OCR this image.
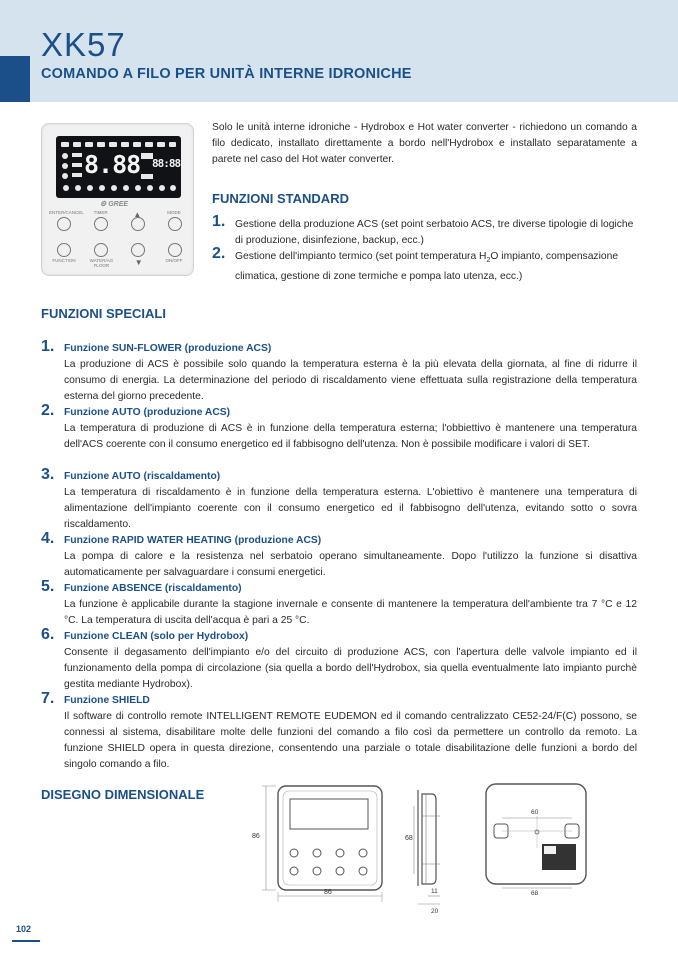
XK57
COMANDO A FILO PER UNITÀ INTERNE IDRONICHE
8.88 88:88
⚙ GREE
ENTER/CANCEL	TIMER	▲	MODE
FUNCTION	WATER/AG FLOOR	▼	ON/OFF

Solo le unità interne idroniche - Hydrobox e Hot water converter - richiedono un comando a filo dedicato, installato direttamente a bordo nell'Hydrobox e installato separatamente a parete nel caso del Hot water converter.

FUNZIONI STANDARD
1. Gestione della produzione ACS (set point serbatoio ACS, tre diverse tipologie di logiche di produzione, disinfezione, backup, ecc.)
2. Gestione dell'impianto termico (set point temperatura $H_2O$ impianto, compensazione climatica, gestione di zone termiche e pompa lato utenza, ecc.)
FUNZIONI SPECIALI
1. Funzione SUN-FLOWER (produzione ACS)

La produzione di ACS è possibile solo quando la temperatura esterna è la più elevata della giornata, al fine di ridurre il consumo di energia. La determinazione del periodo di riscaldamento viene effettuata sulla registrazione della temperatura esterna del giorno precedente.

2. Funzione AUTO (produzione ACS)

La temperatura di produzione di ACS è in funzione della temperatura esterna; l'obbiettivo è mantenere una temperatura dell'ACS coerente con il consumo energetico ed il fabbisogno dell'utenza. Non è possibile modificare i valori di SET.

3. Funzione AUTO (riscaldamento)

La temperatura di riscaldamento è in funzione della temperatura esterna. L'obiettivo è mantenere una temperatura di alimentazione dell'impianto coerente con il consumo energetico ed il fabbisogno dell'utenza, evitando sotto o sovra riscaldamento.

4. Funzione RAPID WATER HEATING (produzione ACS)

La pompa di calore e la resistenza nel serbatoio operano simultaneamente. Dopo l'utilizzo la funzione si disattiva automaticamente per salvaguardare i consumi energetici.

5. Funzione ABSENCE (riscaldamento)

La funzione è applicabile durante la stagione invernale e consente di mantenere la temperatura dell'ambiente tra 7 °C e 12 °C. La temperatura di uscita dell'acqua è pari a 25 °C.

6. Funzione CLEAN (solo per Hydrobox)

Consente il degasamento dell'impianto e/o del circuito di produzione ACS, con l'apertura delle valvole impianto ed il funzionamento della pompa di circolazione (sia quella a bordo dell'Hydrobox, sia quella eventualmente lato impianto purchè gestita mediante Hydrobox).

7. Funzione SHIELD

Il software di controllo remote INTELLIGENT REMOTE EUDEMON ed il comando centralizzato CE52-24/F(C) possono, se connessi al sistema, disabilitare molte delle funzioni del comando a filo così da permettere un controllo da remoto. La funzione SHIELD opera in questa direzione, consentendo una parziale o totale disabilitazione delle funzioni a bordo del singolo comando a filo.

DISEGNO DIMENSIONALE
86
86
68
11
20
60
68
102
